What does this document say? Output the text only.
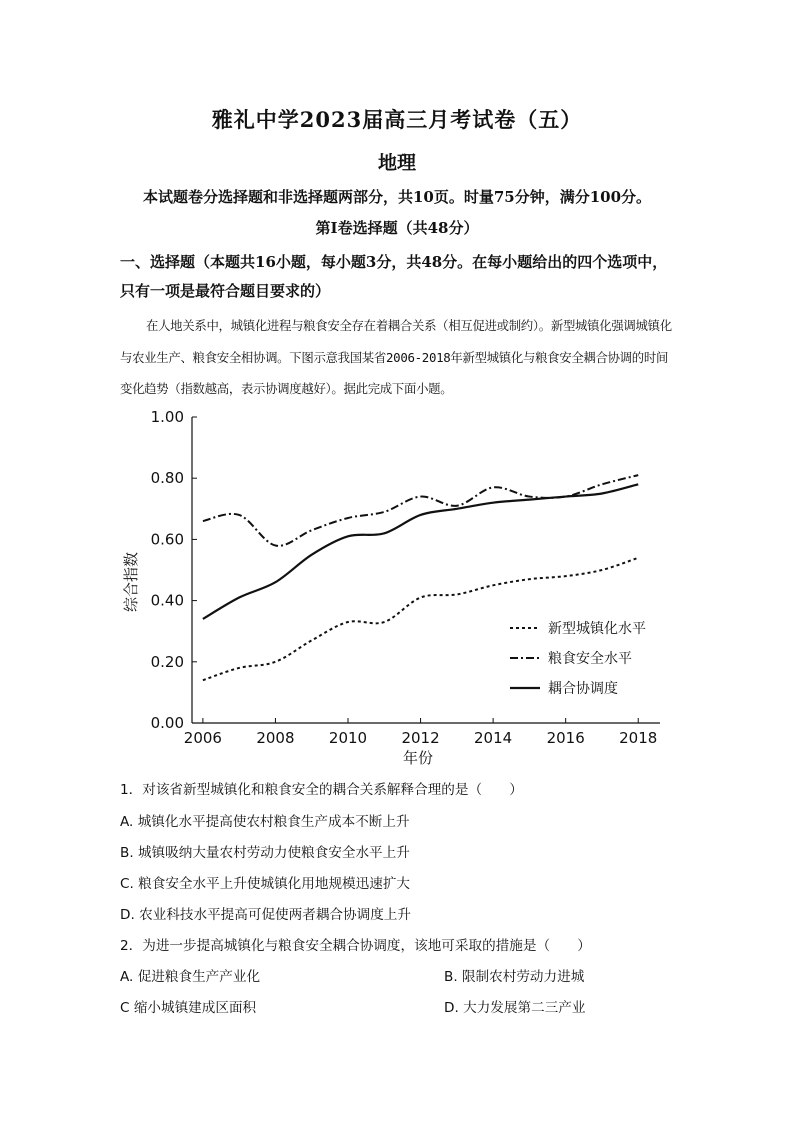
雅礼中学2023届高三月考试卷（五）
地理
本试题卷分选择题和非选择题两部分，共10页。时量75分钟，满分100分。
第Ⅰ卷选择题（共48分）
一、选择题（本题共16小题，每小题3分，共48分。在每小题给出的四个选项中，只有一项是最符合题目要求的）
在人地关系中，城镇化进程与粮食安全存在着耦合关系（相互促进或制约）。新型城镇化强调城镇化与农业生产、粮食安全相协调。下图示意我国某省2006-2018年新型城镇化与粮食安全耦合协调的时间变化趋势（指数越高，表示协调度越好）。据此完成下面小题。
0.00
0.20
0.40
0.60
0.80
1.00
2006 2008 2010 2012 2014 2016 2018
年份
综合指数
新型城镇化水平
粮食安全水平
耦合协调度
1．对该省新型城镇化和粮食安全的耦合关系解释合理的是（　　）
A. 城镇化水平提高使农村粮食生产成本不断上升
B. 城镇吸纳大量农村劳动力使粮食安全水平上升
C. 粮食安全水平上升使城镇化用地规模迅速扩大
D. 农业科技水平提高可促使两者耦合协调度上升
2．为进一步提高城镇化与粮食安全耦合协调度，该地可采取的措施是（　　）
A. 促进粮食生产产业化	B. 限制农村劳动力进城
C 缩小城镇建成区面积	D. 大力发展第二三产业
